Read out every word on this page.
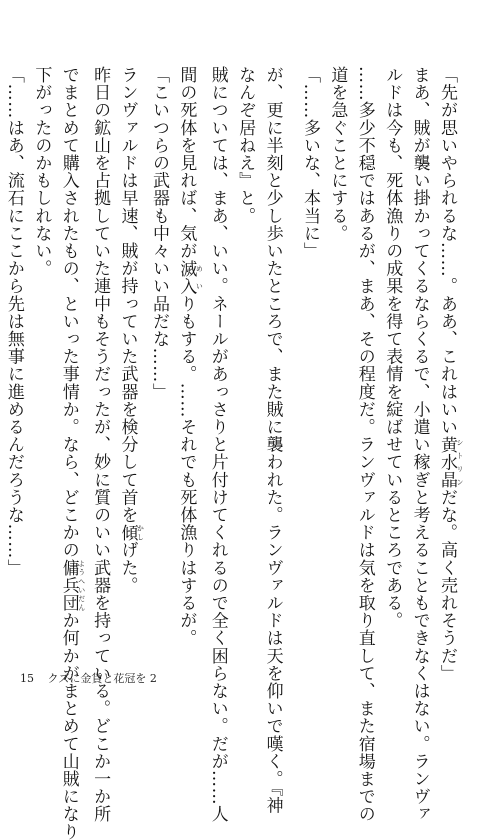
「先が思いやられるな……。ああ、これはいい黄水晶 シトリンだな。高く売れそうだ」
まあ、賊が襲い掛かってくるならくるで、小遣い稼ぎと考えることもできなくはない。ランヴァ
ルドは今も、死体漁りの成果を得て表情を綻ばせているところである。
……多少不穏ではあるが、まあ、その程度だ。ランヴァルドは気を取り直して、また宿場までの
道を急ぐことにする。
「……多いな、本当に」
が、更に半刻と少し歩いたところで、また賊に襲われた。ランヴァルドは天を仰いで嘆く。『神
なんぞ居ねえ』と。
賊については、まあ、いい。ネールがあっさりと片付けてくれるので全く困らない。だが……人
間の死体を見れば、気が滅入 めいりもする。……それでも死体漁りはするが。
「こいつらの武器も中々いい品だな……」
ランヴァルドは早速、賊が持っていた武器を検分して首を傾 かしげた。
昨日の鉱山を占拠していた連中もそうだったが、妙に質のいい武器を持っている。どこか一か所
でまとめて購入されたもの、といった事情か。なら、どこかの傭兵団 ようへいだんか何かがまとめて山賊になり
下がったのかもしれない。
「……はあ、流石にここから先は無事に進めるんだろうな……」
15 クズに金貨と花冠を 2
